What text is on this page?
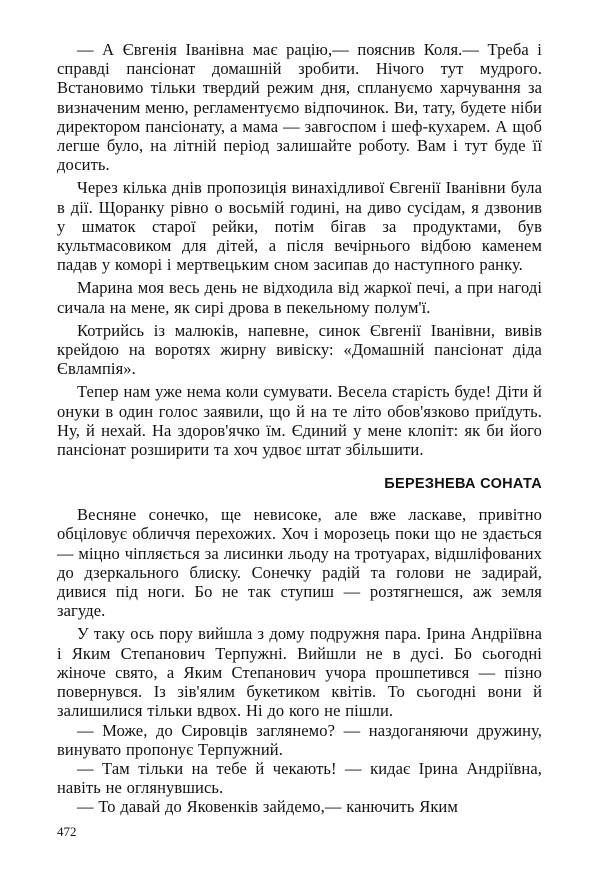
— А Євгенія Іванівна має рацію,— пояснив Коля.— Треба і справді пансіонат домашній зробити. Нічого тут мудрого. Встановимо тільки твердий режим дня, сплануємо харчування за визначеним меню, регламентуємо відпочинок. Ви, тату, будете ніби директором пансіонату, а мама — завгоспом і шеф-кухарем. А щоб легше було, на літній період залишайте роботу. Вам і тут буде її досить.

Через кілька днів пропозиція винахідливої Євгенії Іванівни була в дії. Щоранку рівно о восьмій годині, на диво сусідам, я дзвонив у шматок старої рейки, потім бігав за продуктами, був культмасовиком для дітей, а після вечірнього відбою каменем падав у коморі і мертвецьким сном засипав до наступного ранку.

Марина моя весь день не відходила від жаркої печі, а при нагоді сичала на мене, як сирі дрова в пекельному полум'ї.

Котрийсь із малюків, напевне, синок Євгенії Іванівни, вивів крейдою на воротях жирну вивіску: «Домашній пансіонат діда Євлампія».

Тепер нам уже нема коли сумувати. Весела старість буде! Діти й онуки в один голос заявили, що й на те літо обов'язково приїдуть. Ну, й нехай. На здоров'ячко їм. Єдиний у мене клопіт: як би його пансіонат розширити та хоч удвоє штат збільшити.

БЕРЕЗНЕВА СОНАТА

Весняне сонечко, ще невисоке, але вже лаcкаве, привітно обціловує обличчя перехожих. Хоч і морозець поки що не здається — міцно чіпляється за лисинки льоду на тротуарах, відшліфованих до дзеркального блиску. Сонечку радій та голови не задирай, дивися під ноги. Бо не так ступиш — розтягнешся, аж земля загуде.

У таку ось пору вийшла з дому подружня пара. Ірина Андріївна і Яким Степанович Терпужні. Вийшли не в дусі. Бо сьогодні жіноче свято, а Яким Степанович учора прошпетився — пізно повернувся. Із зів'ялим букетиком квітів. То сьогодні вони й залишилися тільки вдвох. Ні до кого не пішли.

— Може, до Сировців заглянемо? — наздоганяючи дружину, винувато пропонує Терпужний.

— Там тільки на тебе й чекають! — кидає Ірина Андріївна, навіть не оглянувшись.

— То давай до Яковенків зайдемо,— канючить Яким

472
